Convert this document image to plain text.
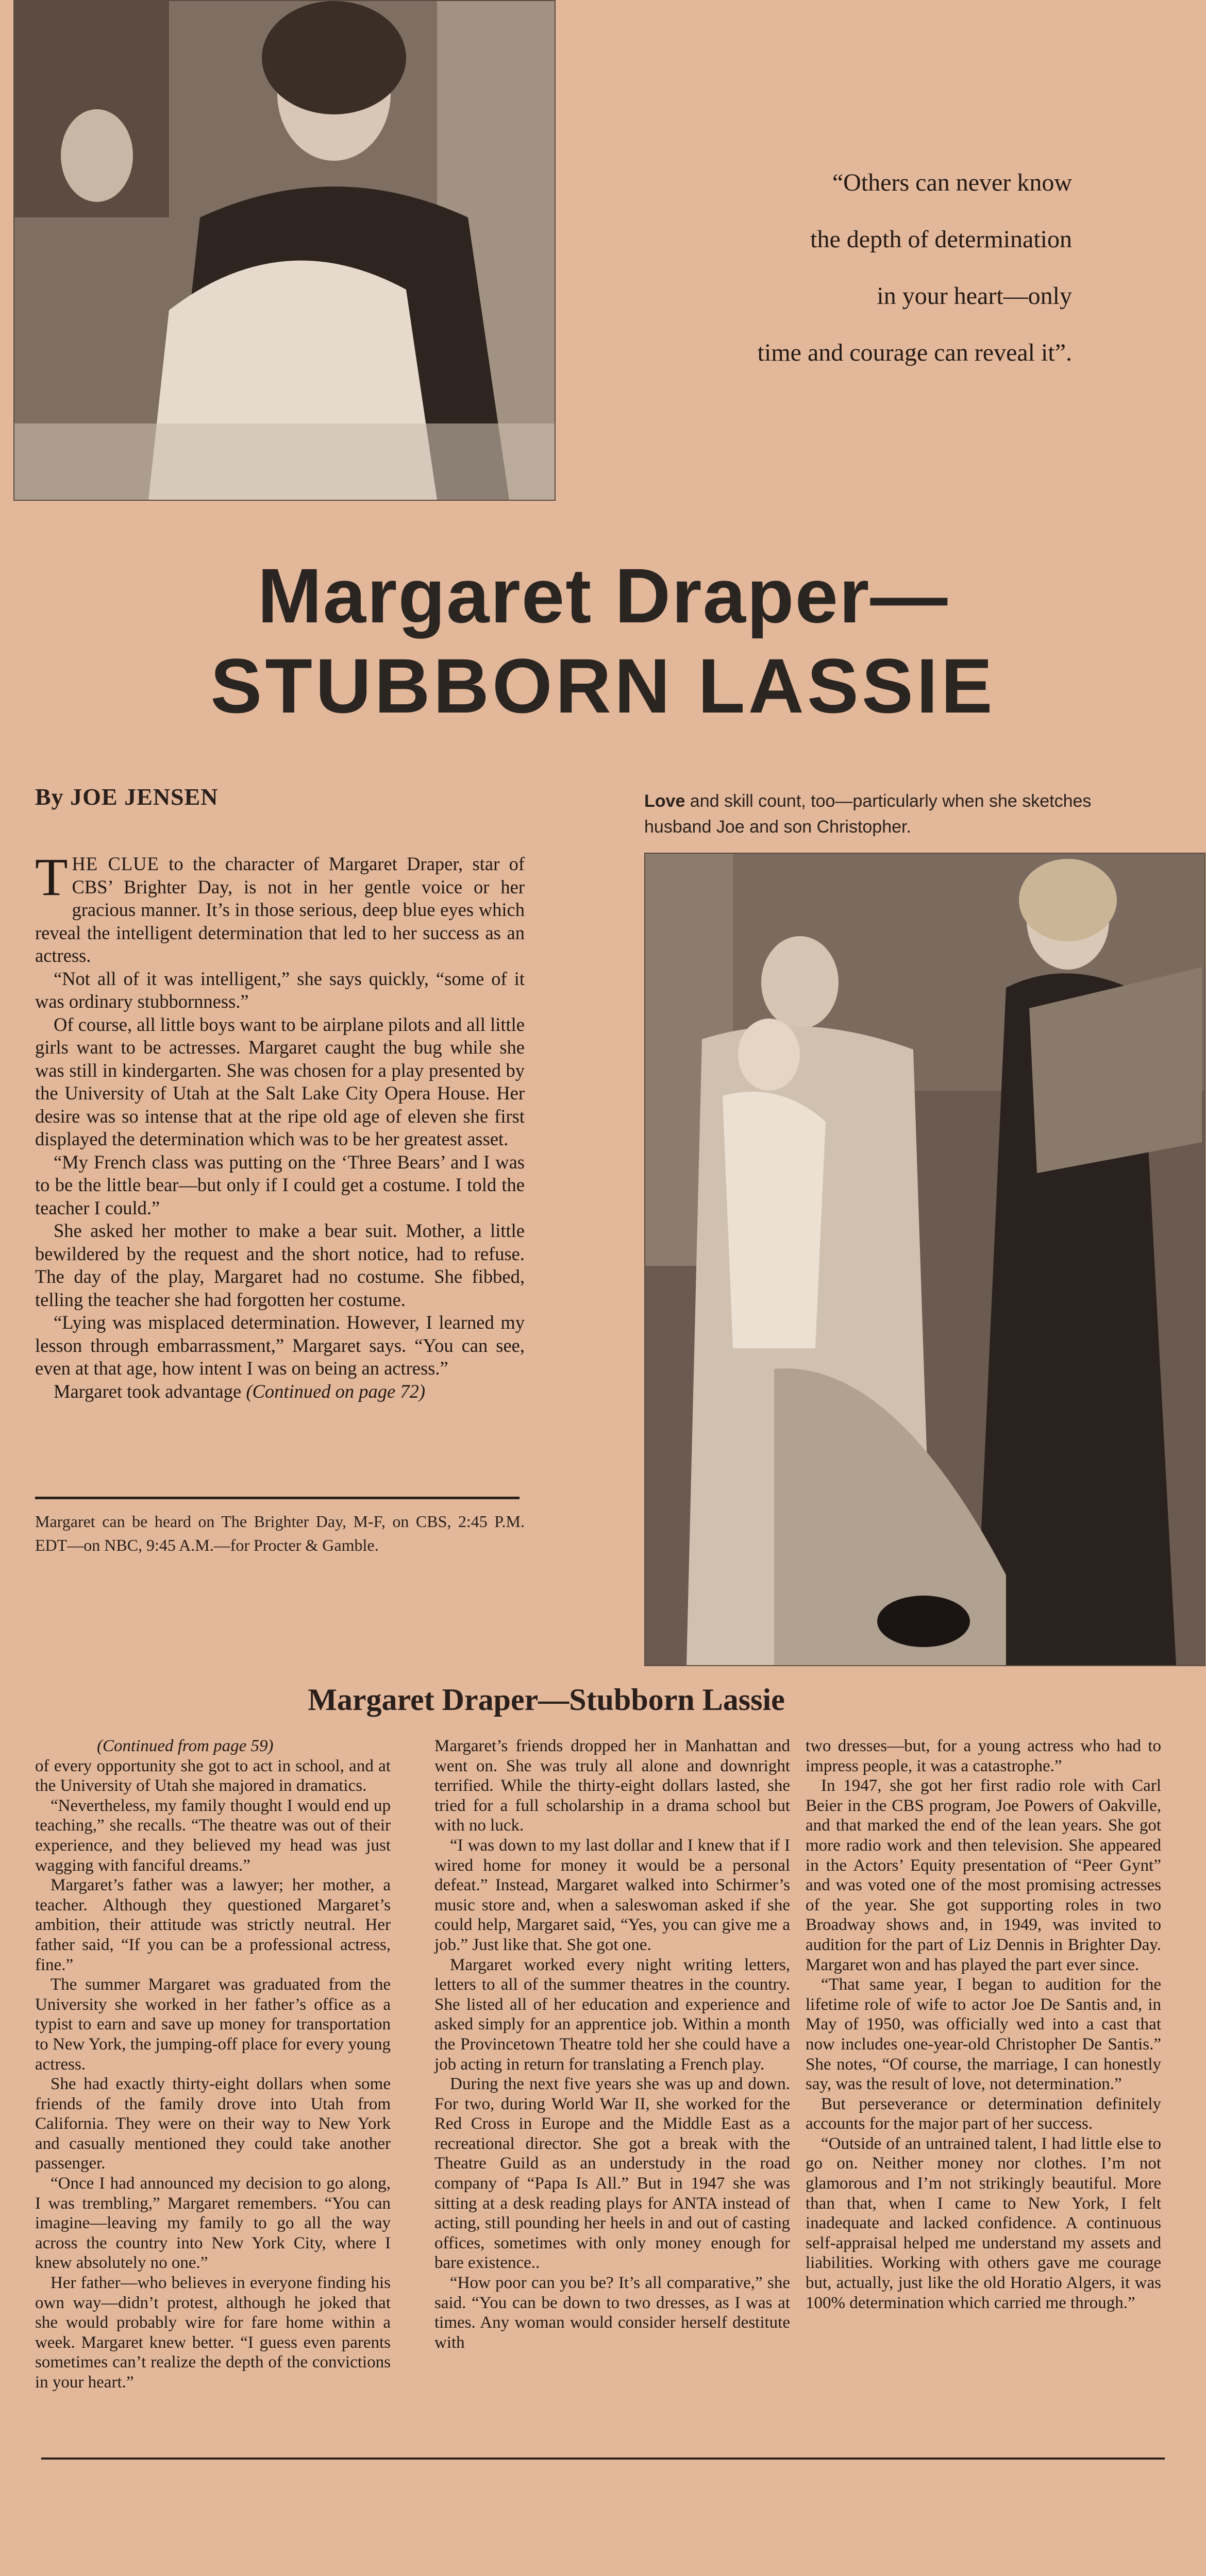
“Others can never know
the depth of determination
in your heart—only
time and courage can reveal it”.
Margaret Draper—
STUBBORN LASSIE
By JOE JENSEN	Love and skill count, too—particularly when she sketches husband Joe and son Christopher.

THE CLUE to the character of Margaret Draper, star of CBS’ Brighter Day, is not in her gentle voice or her gracious manner. It’s in those serious, deep blue eyes which reveal the intelligent determination that led to her success as an actress.

“Not all of it was intelligent,” she says quickly, “some of it was ordinary stubbornness.”

Of course, all little boys want to be airplane pilots and all little girls want to be actresses. Margaret caught the bug while she was still in kindergarten. She was chosen for a play presented by the University of Utah at the Salt Lake City Opera House. Her desire was so intense that at the ripe old age of eleven she first displayed the determination which was to be her greatest asset.

“My French class was putting on the ‘Three Bears’ and I was to be the little bear—but only if I could get a costume. I told the teacher I could.”

She asked her mother to make a bear suit. Mother, a little bewildered by the request and the short notice, had to refuse. The day of the play, Margaret had no costume. She fibbed, telling the teacher she had forgotten her costume.

“Lying was misplaced determination. However, I learned my lesson through embarrassment,” Margaret says. “You can see, even at that age, how intent I was on being an actress.”

Margaret took advantage (Continued on page 72)

Margaret can be heard on The Brighter Day, M-F, on CBS, 2:45 P.M. EDT—on NBC, 9:45 A.M.—for Procter & Gamble.
Margaret Draper—Stubborn Lassie

(Continued from page 59)

of every opportunity she got to act in school, and at the University of Utah she majored in dramatics.

“Nevertheless, my family thought I would end up teaching,” she recalls. “The theatre was out of their experience, and they believed my head was just wagging with fanciful dreams.”

Margaret’s father was a lawyer; her mother, a teacher. Although they questioned Margaret’s ambition, their attitude was strictly neutral. Her father said, “If you can be a professional actress, fine.”

The summer Margaret was graduated from the University she worked in her father’s office as a typist to earn and save up money for transportation to New York, the jumping-off place for every young actress.

She had exactly thirty-eight dollars when some friends of the family drove into Utah from California. They were on their way to New York and casually mentioned they could take another passenger.

“Once I had announced my decision to go along, I was trembling,” Margaret remembers. “You can imagine—leaving my family to go all the way across the country into New York City, where I knew absolutely no one.”

Her father—who believes in everyone finding his own way—didn’t protest, although he joked that she would probably wire for fare home within a week. Margaret knew better. “I guess even parents sometimes can’t realize the depth of the convictions in your heart.”

Margaret’s friends dropped her in Manhattan and went on. She was truly all alone and downright terrified. While the thirty-eight dollars lasted, she tried for a full scholarship in a drama school but with no luck.

“I was down to my last dollar and I knew that if I wired home for money it would be a personal defeat.” Instead, Margaret walked into Schirmer’s music store and, when a saleswoman asked if she could help, Margaret said, “Yes, you can give me a job.” Just like that. She got one.

Margaret worked every night writing letters, letters to all of the summer theatres in the country. She listed all of her education and experience and asked simply for an apprentice job. Within a month the Provincetown Theatre told her she could have a job acting in return for translating a French play.

During the next five years she was up and down. For two, during World War II, she worked for the Red Cross in Europe and the Middle East as a recreational director. She got a break with the Theatre Guild as an understudy in the road company of “Papa Is All.” But in 1947 she was sitting at a desk reading plays for ANTA instead of acting, still pounding her heels in and out of casting offices, sometimes with only money enough for bare existence..

“How poor can you be? It’s all comparative,” she said. “You can be down to two dresses, as I was at times. Any woman would consider herself destitute with

two dresses—but, for a young actress who had to impress people, it was a catastrophe.”

In 1947, she got her first radio role with Carl Beier in the CBS program, Joe Powers of Oakville, and that marked the end of the lean years. She got more radio work and then television. She appeared in the Actors’ Equity presentation of “Peer Gynt” and was voted one of the most promising actresses of the year. She got supporting roles in two Broadway shows and, in 1949, was invited to audition for the part of Liz Dennis in Brighter Day. Margaret won and has played the part ever since.

“That same year, I began to audition for the lifetime role of wife to actor Joe De Santis and, in May of 1950, was officially wed into a cast that now includes one-year-old Christopher De Santis.” She notes, “Of course, the marriage, I can honestly say, was the result of love, not determination.”

But perseverance or determination definitely accounts for the major part of her success.

“Outside of an untrained talent, I had little else to go on. Neither money nor clothes. I’m not glamorous and I’m not strikingly beautiful. More than that, when I came to New York, I felt inadequate and lacked confidence. A continuous self-appraisal helped me understand my assets and liabilities. Working with others gave me courage but, actually, just like the old Horatio Algers, it was 100% determination which carried me through.”
